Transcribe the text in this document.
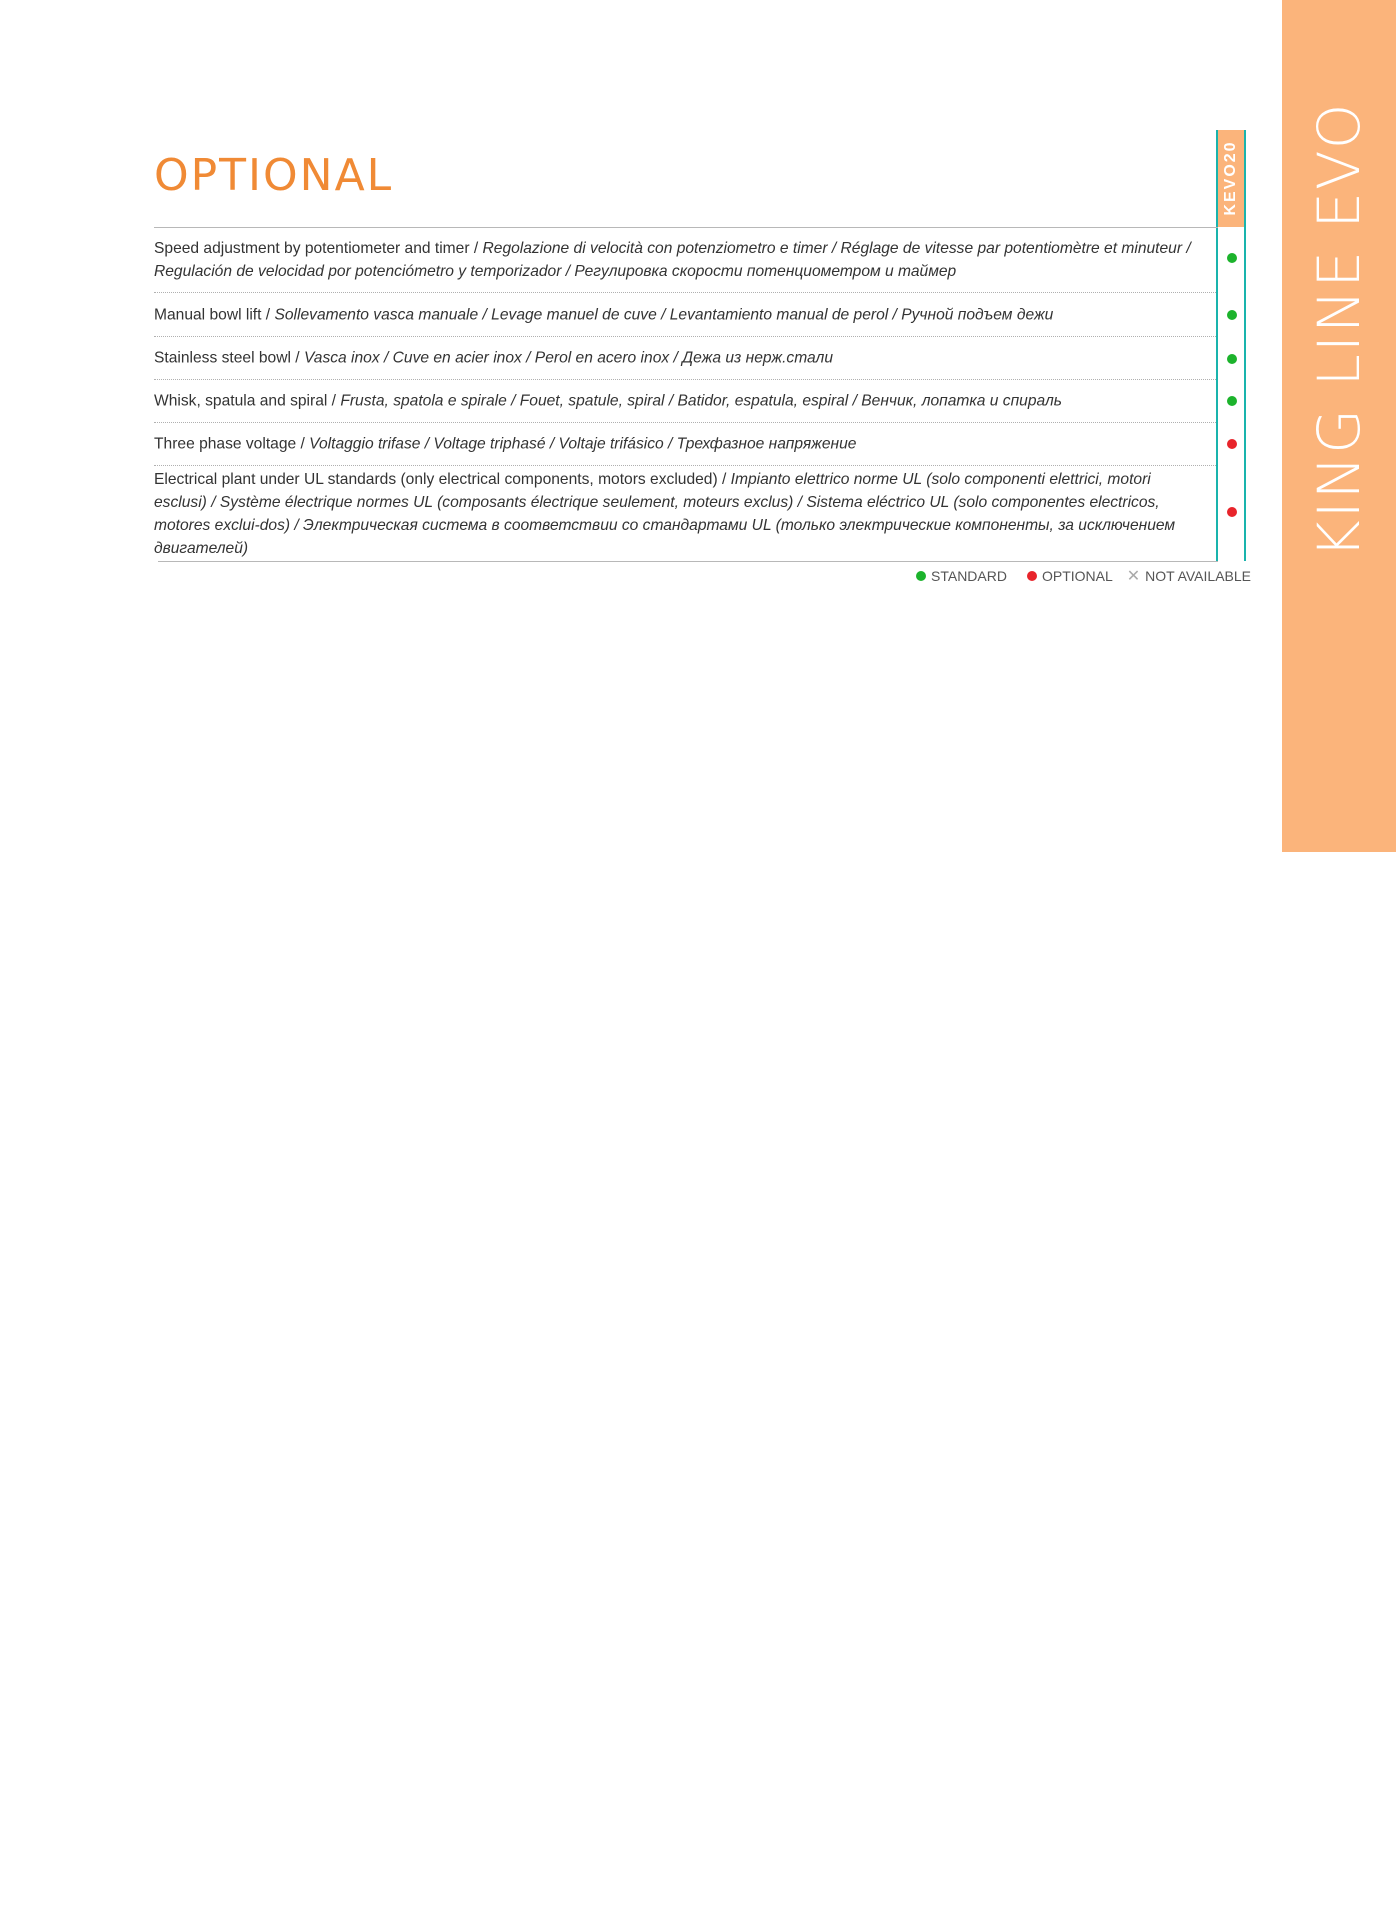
KING LINE EVO
OPTIONAL	KEVO20
Speed adjustment by potentiometer and timer / Regolazione di velocità con potenziometro e timer / Réglage de vitesse par potentiomètre et minuteur / Regulación de velocidad por potenciómetro y temporizador / Регулировка скорости потенциометром и таймер
Manual bowl lift / Sollevamento vasca manuale / Levage manuel de cuve / Levantamiento manual de perol / Ручной подъем дежи
Stainless steel bowl / Vasca inox / Cuve en acier inox / Perol en acero inox / Дежа из нерж.стали
Whisk, spatula and spiral / Frusta, spatola e spirale / Fouet, spatule, spiral / Batidor, espatula, espiral / Венчик, лопатка и спираль
Three phase voltage / Voltaggio trifase / Voltage triphasé / Voltaje trifásico / Трехфазное напряжение
Electrical plant under UL standards (only electrical components, motors excluded) / Impianto elettrico norme UL (solo componenti elettrici, motori esclusi) / Système électrique normes UL (composants électrique seulement, moteurs exclus) / Sistema eléctrico UL (solo componentes electricos, motores exclui-dos) / Электрическая система в соответствии со стандартами UL (только электрические компоненты, за исключением двигателей)
STANDARD	OPTIONAL ✕ NOT AVAILABLE
